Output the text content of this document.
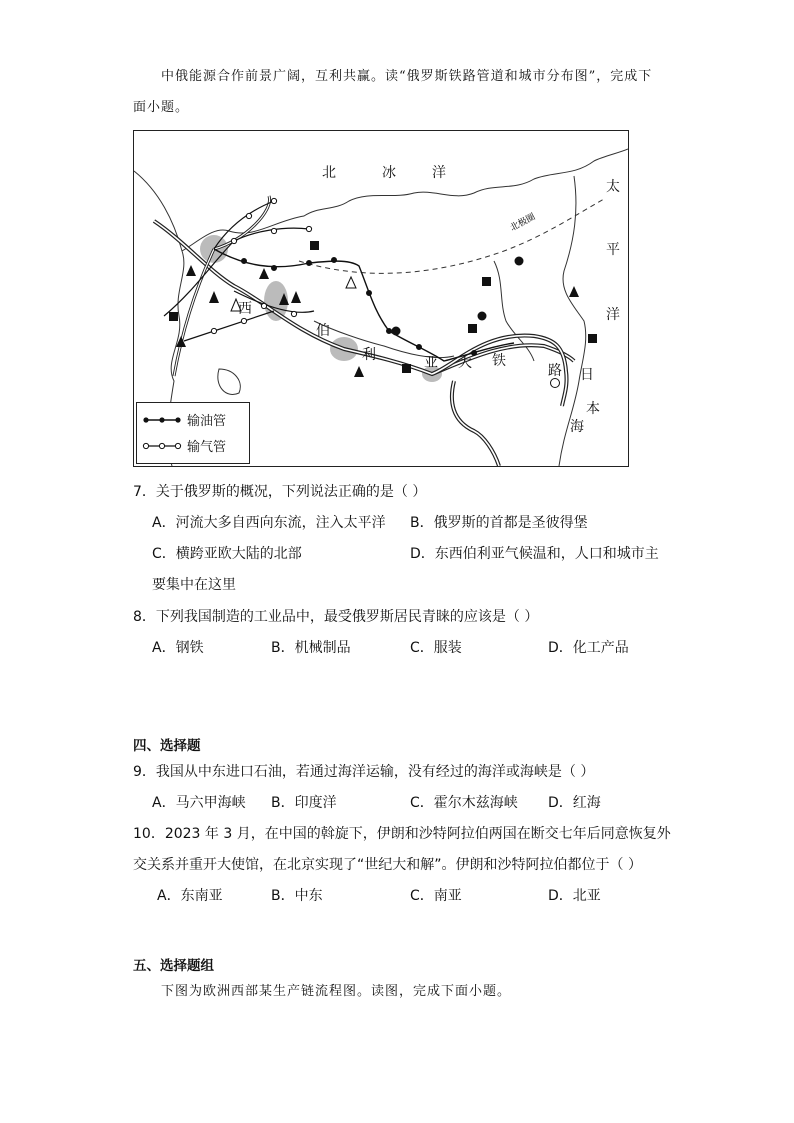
中俄能源合作前景广阔，互利共赢。读“俄罗斯铁路管道和城市分布图”，完成下
面小题。
北	冰	洋
太
平
洋
北极圈
西
伯
利	亚 大 铁
路 日
本
海
输油管
输气管
7．关于俄罗斯的概况，下列说法正确的是（ ）
A．河流大多自西向东流，注入太平洋 B．俄罗斯的首都是圣彼得堡
C．横跨亚欧大陆的北部	D．东西伯利亚气候温和，人口和城市主
要集中在这里
8．下列我国制造的工业品中，最受俄罗斯居民青睐的应该是（ ）
A．钢铁	B．机械制品	C．服装	D．化工产品
四、选择题
9．我国从中东进口石油，若通过海洋运输，没有经过的海洋或海峡是（ ）
A．马六甲海峡 B．印度洋	C．霍尔木兹海峡 D．红海
10．2023 年 3 月，在中国的斡旋下，伊朗和沙特阿拉伯两国在断交七年后同意恢复外
交关系并重开大使馆，在北京实现了“世纪大和解”。伊朗和沙特阿拉伯都位于（ ）
A．东南亚	B．中东	C．南亚	D．北亚
五、选择题组
下图为欧洲西部某生产链流程图。读图，完成下面小题。
